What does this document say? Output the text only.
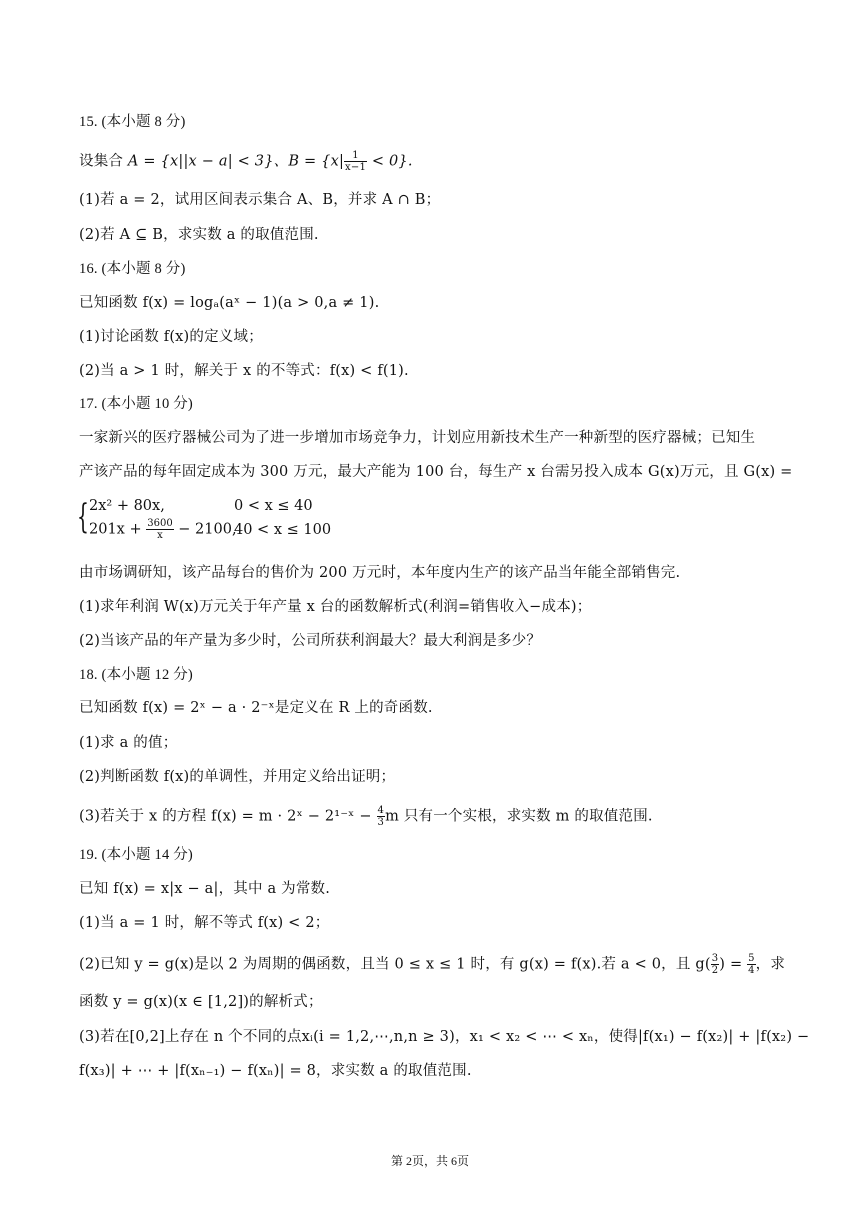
15. (本小题 8 分)
设集合 A = {x||x − a| < 3}、$B = \{x| \frac{1}{x-1} < 0\}$.
(1)若 a = 2，试用区间表示集合 A、B，并求 A ∩ B；
(2)若 A ⊆ B，求实数 a 的取值范围.
16. (本小题 8 分)
已知函数 f(x) = logₐ(aˣ − 1)(a > 0,a ≠ 1).
(1)讨论函数 f(x)的定义域；
(2)当 a > 1 时，解关于 x 的不等式：f(x) < f(1).
17. (本小题 10 分)
一家新兴的医疗器械公司为了进一步增加市场竞争力，计划应用新技术生产一种新型的医疗器械；已知生
产该产品的每年固定成本为 300 万元，最大产能为 100 台，每生产 x 台需另投入成本 G(x)万元，且 G(x) =
{ 2x² + 80x,	0 < x ≤ 40
$201x + \frac{3600}{x} - 2100$,
40 < x ≤ 100
由市场调研知，该产品每台的售价为 200 万元时，本年度内生产的该产品当年能全部销售完.
(1)求年利润 W(x)万元关于年产量 x 台的函数解析式(利润=销售收入−成本)；
(2)当该产品的年产量为多少时，公司所获利润最大？最大利润是多少？
18. (本小题 12 分)
已知函数 f(x) = 2ˣ − a · 2⁻ˣ是定义在 R 上的奇函数.
(1)求 a 的值；
(2)判断函数 f(x)的单调性，并用定义给出证明；
(3)若关于 x 的方程 f(x) = m · 2ˣ − 2¹⁻ˣ − $\frac{4}{3}$ m 只有一个实根，求实数 m 的取值范围.
19. (本小题 14 分)
已知 f(x) = x|x − a|，其中 a 为常数.
(1)当 a = 1 时，解不等式 f(x) < 2；
(2)已知 y = g(x)是以 2 为周期的偶函数，且当 0 ≤ x ≤ 1 时，有 g(x) = f(x).若 a < 0，且 $g( \frac{3}{2}$ ) = $\frac{5}{4}$ ，求
函数 y = g(x)(x ∈ [1,2])的解析式；
(3)若在[0,2]上存在 n 个不同的点xᵢ(i = 1,2,⋯,n,n ≥ 3)，x₁ < x₂ < ⋯ < xₙ，使得|f(x₁) − f(x₂)| + |f(x₂) −
f(x₃)| + ⋯ + |f(xₙ₋₁) − f(xₙ)| = 8，求实数 a 的取值范围.
第 2页，共 6页
